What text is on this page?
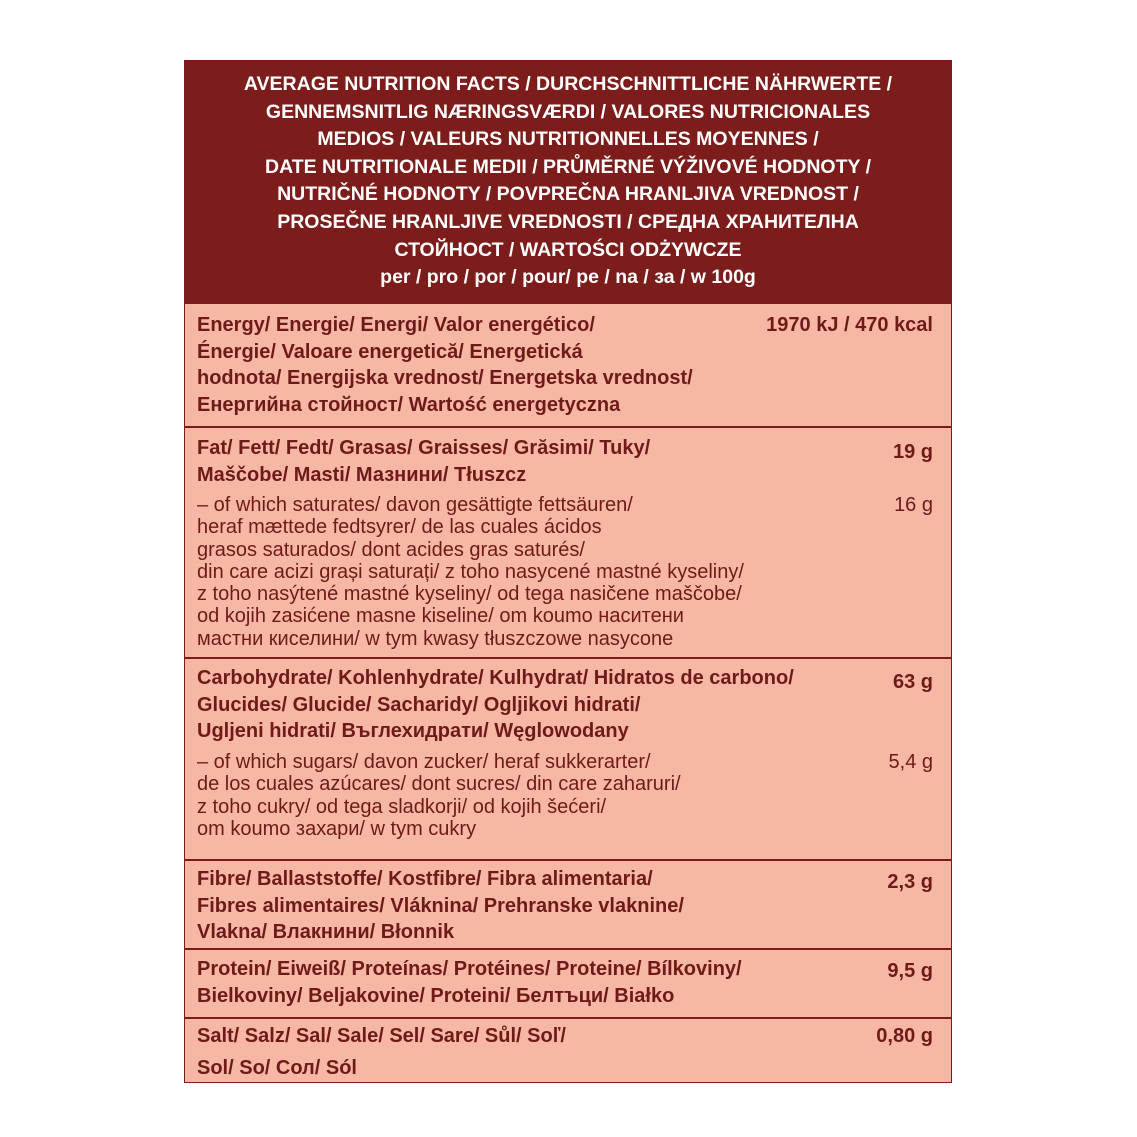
AVERAGE NUTRITION FACTS / DURCHSCHNITTLICHE NÄHRWERTE /
GENNEMSNITLIG NÆRINGSVÆRDI / VALORES NUTRICIONALES
MEDIOS / VALEURS NUTRITIONNELLES MOYENNES /
DATE NUTRITIONALE MEDII / PRŮMĚRNÉ VÝŽIVOVÉ HODNOTY /
NUTRIČNÉ HODNOTY / POVPREČNA HRANLJIVA VREDNOST /
PROSEČNE HRANLJIVE VREDNOSTI / СРЕДНА ХРАНИТЕЛНА
СТОЙНОСТ / WARTOŚCI ODŻYWCZE
per / pro / por / pour/ pe / na / за / w 100g
Energy/ Energie/ Energi/ Valor energético/
Énergie/ Valoare energetică/ Energetická
hodnota/ Energijska vrednost/ Energetska vrednost/
Енергийна стойност/ Wartość energetyczna
1970 kJ / 470 kcal
Fat/ Fett/ Fedt/ Grasas/ Graisses/ Grăsimi/ Tuky/
Maščobe/ Masti/ Мазнини/ Tłuszcz
19 g
– of which saturates/ davon gesättigte fettsäuren/
heraf mættede fedtsyrer/ de las cuales ácidos
grasos saturados/ dont acides gras saturés/
din care acizi grași saturați/ z toho nasycené mastné kyseliny/
z toho nasýtené mastné kyseliny/ od tega nasičene maščobe/
od kojih zasićene masne kiseline/ om koumo наситени
мастни киселини/ w tym kwasy tłuszczowe nasycone
16 g
Carbohydrate/ Kohlenhydrate/ Kulhydrat/ Hidratos de carbono/
Glucides/ Glucide/ Sacharidy/ Ogljikovi hidrati/
Ugljeni hidrati/ Въглехидрати/ Węglowodany
63 g
– of which sugars/ davon zucker/ heraf sukkerarter/
de los cuales azúcares/ dont sucres/ din care zaharuri/
z toho cukry/ od tega sladkorji/ od kojih šećeri/
om koumo захари/ w tym cukry
5,4 g
Fibre/ Ballaststoffe/ Kostfibre/ Fibra alimentaria/
Fibres alimentaires/ Vláknina/ Prehranske vlaknine/
Vlakna/ Влакнини/ Błonnik
2,3 g
Protein/ Eiweiß/ Proteínas/ Protéines/ Proteine/ Bílkoviny/
Bielkoviny/ Beljakovine/ Proteini/ Белтъци/ Białko
9,5 g
Salt/ Salz/ Sal/ Sale/ Sel/ Sare/ Sůl/ Soľ/
Sol/ So/ Сол/ Sól
0,80 g
